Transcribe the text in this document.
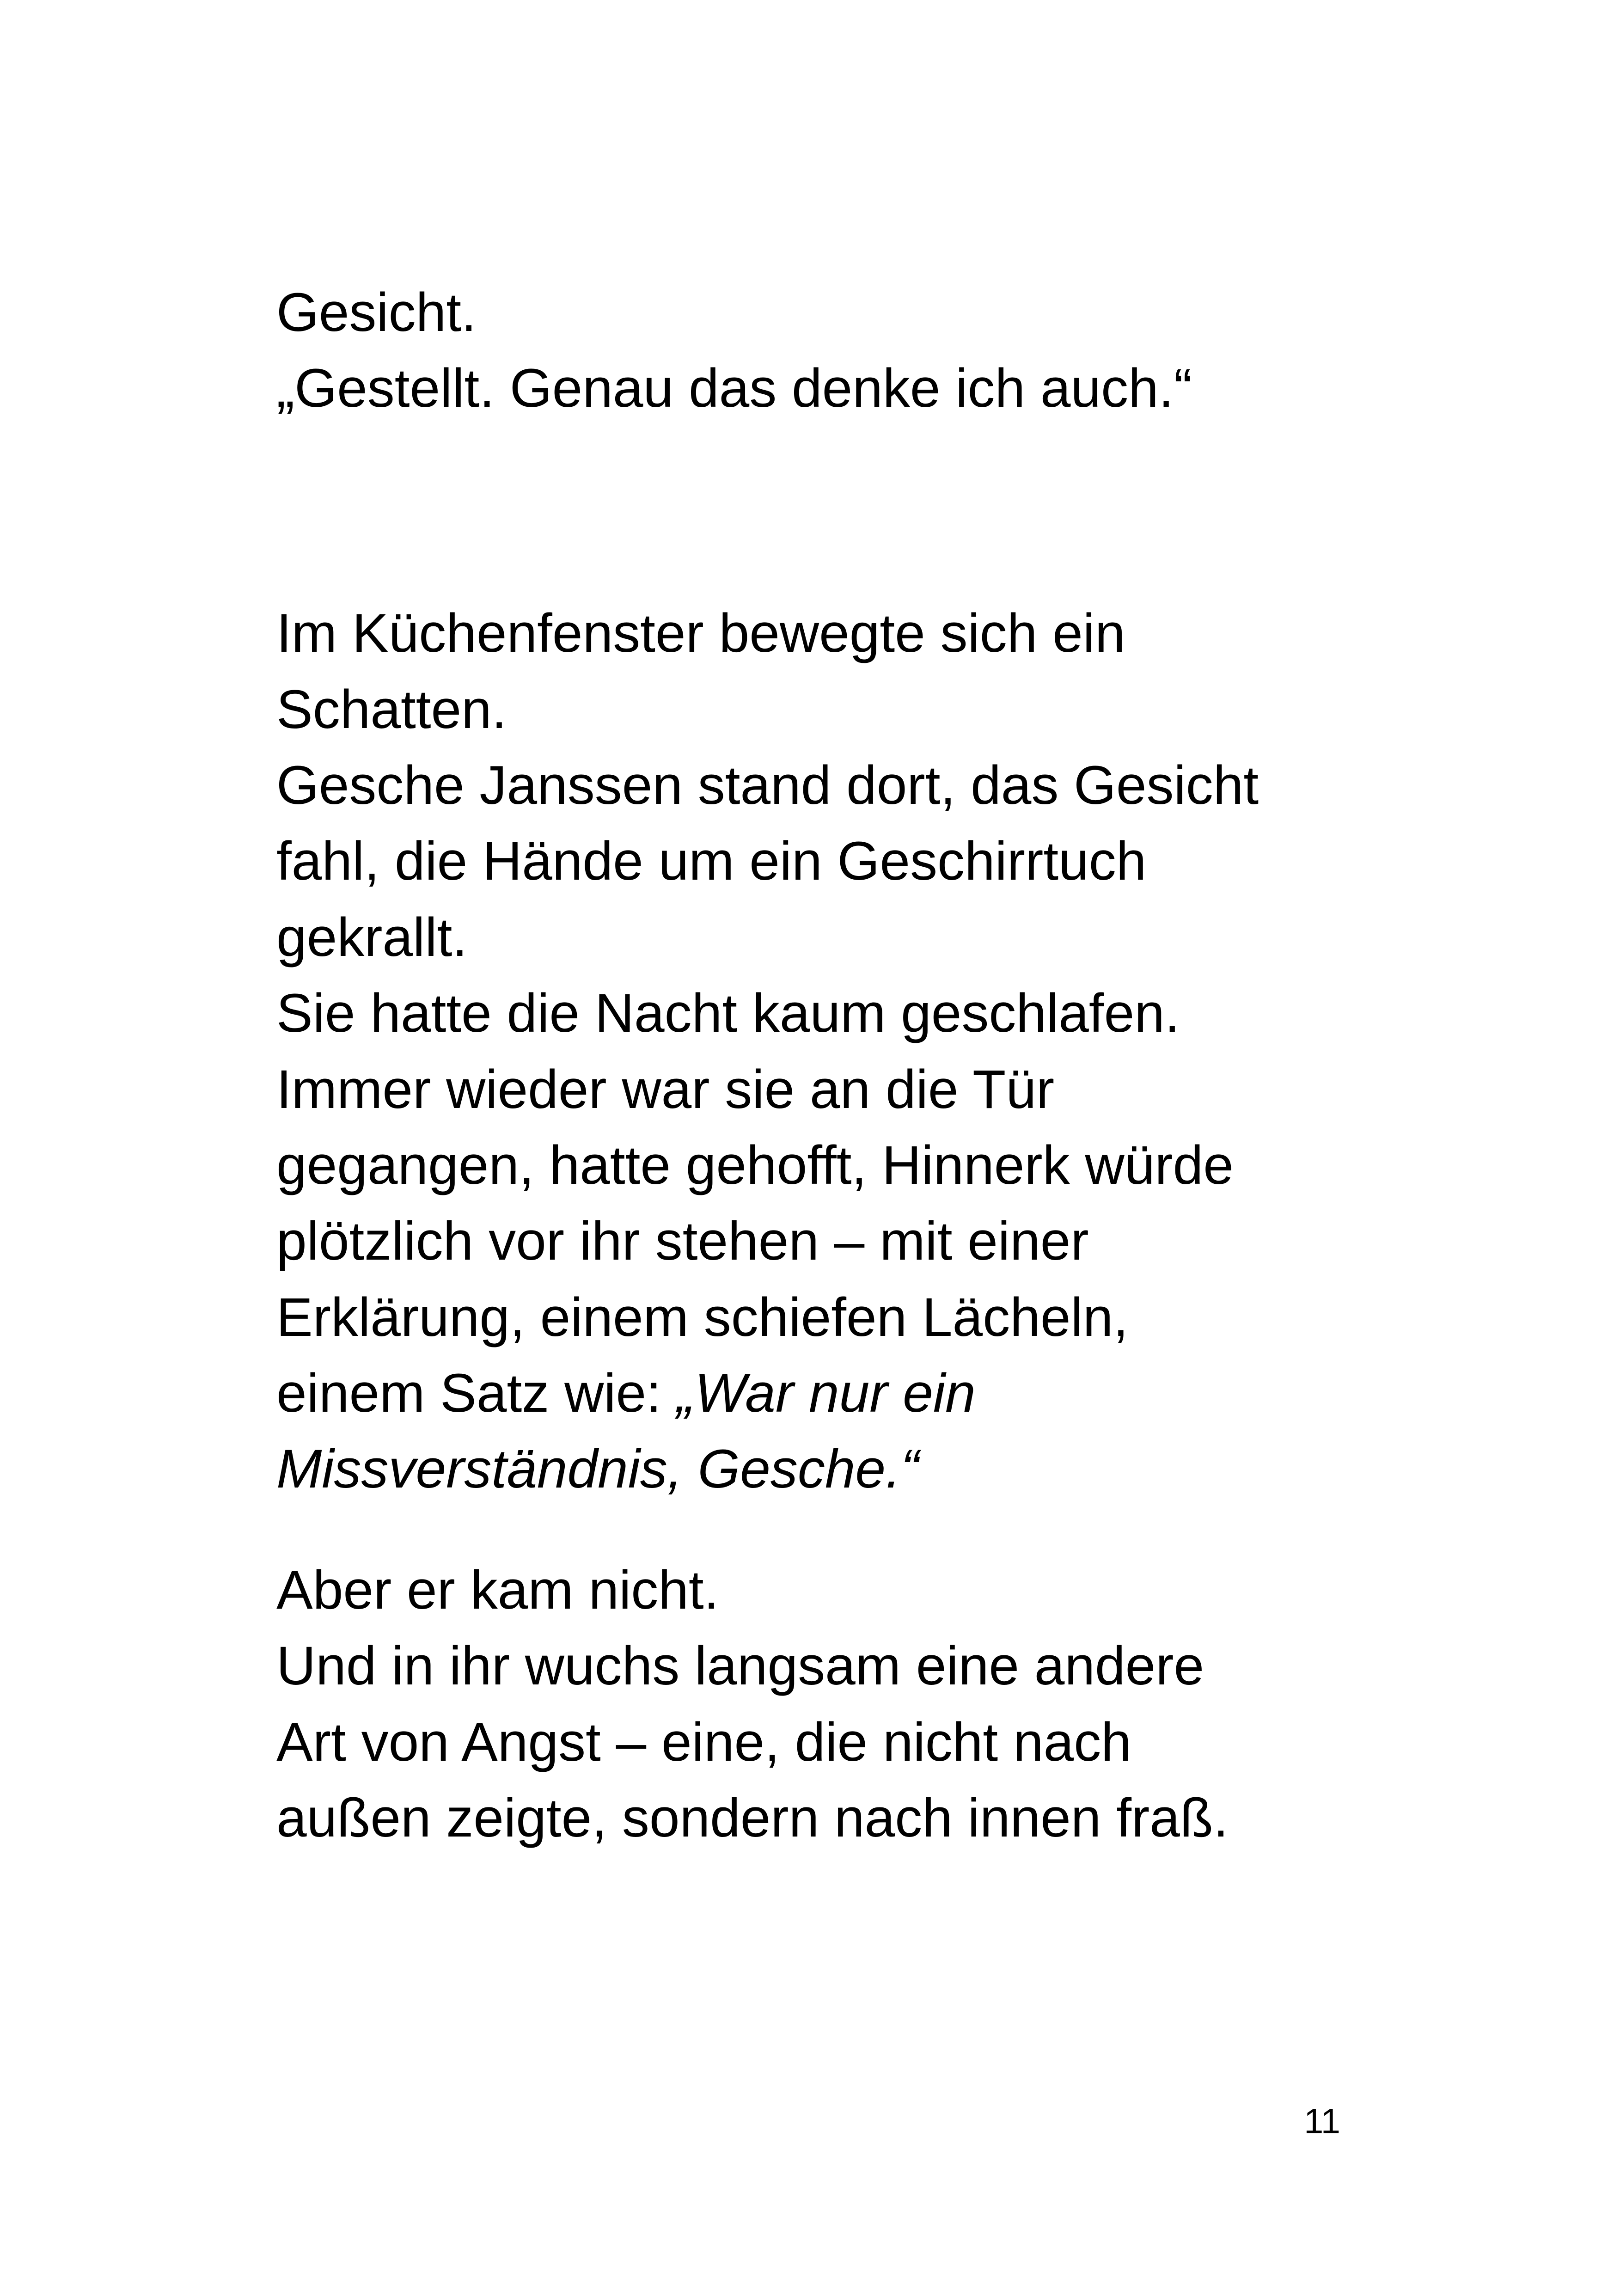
Gesicht.

„Gestellt. Genau das denke ich auch.“

Im Küchenfenster bewegte sich ein

Schatten.

Gesche Janssen stand dort, das Gesicht

fahl, die Hände um ein Geschirrtuch

gekrallt.

Sie hatte die Nacht kaum geschlafen.

Immer wieder war sie an die Tür

gegangen, hatte gehofft, Hinnerk würde

plötzlich vor ihr stehen – mit einer

Erklärung, einem schiefen Lächeln,

einem Satz wie: „War nur ein

Missverständnis, Gesche.“

Aber er kam nicht.

Und in ihr wuchs langsam eine andere

Art von Angst – eine, die nicht nach

außen zeigte, sondern nach innen fraß.

11
